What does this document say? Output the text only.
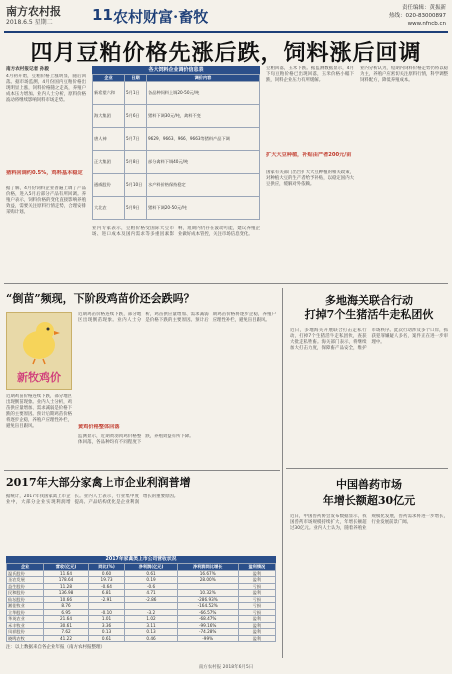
南方农村报
2018.6.5 星期二	11 农村财富·畜牧	责任编辑：黄振新
热线：020-83000897
www.nfncb.cn
四月豆粕价格先涨后跌，饲料涨后回调
南方农村报记者 孙毅
4月初开始，豆粕价格上涨明显，随后回落。据市场监测，4月份国内豆粕价格出现明显上涨，饲料价格随之走高，养殖户成本压力增加。业内人士分析，原料价格波动将继续影响饲料市场走势。
猪料回调约0.5%，鸡料基本稳定
据了解，4月份饲料企业普遍上调了产品价格，进入5月后部分产品有所回调。养殖户表示，饲料价格的变化直接影响养殖效益，需要关注原料行情走势，合理安排采购计划。
各大饲料企业调价信息表
企业	日期	调价内容
新希望六和	5月1日	各品种饲料上调20-50元/吨
海大集团	5月6日	猪料下调30元/吨，禽料不变
唐人神	5月7日	9629、9663、966、9663等猪料产品下调
正大集团	5月8日	部分禽料下调40元/吨
通威股份	5月10日	水产料价格保持稳定
大北农	5月9日	猪料下调20-50元/吨
业内专家表示，豆粕价格受国际大豆市场、进口成本及国内需求等多重因素影响，短期内仍存在波动可能，建议养殖企业做好成本管控，关注市场信息变化。
豆粕回落，玉米下跌。据监测数据显示，4月下旬豆粕价格已出现回落，玉米价格小幅下跌，饲料企业压力有所缓解。
扩大大豆种植，补贴由产者200元/亩
国家有关部门出台扩大大豆种植的相关政策，对种植大豆的生产者给予补贴，以稳定国内大豆供应，缓解对外依赖。
业内分析认为，短期内饲料价格走势仍将以稳为主，养殖户应密切关注原料行情，科学调整饲料配方，降低养殖成本。
“倒苗”频现，下阶段鸡苗价还会跌吗？
新牧鸡价
近期鸡苗价格连续下跌，部分地区出现倒苗现象。业内人士分析，鸡苗供应量增加、需求减弱是价格下跌的主要原因。预计后期鸡苗价格将逐步企稳，养殖户应理性补栏，避免盲目跟风。
近期鸡苗价格连续下跌，部分地区出现倒苗现象。业内人士分析，鸡苗供应量增加、需求减弱是价格下跌的主要原因。预计后期鸡苗价格将逐步企稳，养殖户应理性补栏，避免盲目跟风。
黄鸡价格整体回落
监测显示，近期黄羽肉鸡价格整体回落，各品种均有不同程度下跌，养殖效益有所下降。
多地海关联合行动
打掉7个生猪活牛走私团伙
近日，多地海关开展联合打击走私行动，打掉7个生猪活牛走私团伙，查获大批走私牲畜。海关部门表示，将继续加大打击力度，保障畜产品安全，维护市场秩序。此次行动涉及多个口岸，抓获犯罪嫌疑人多名，案件正在进一步审理中。
2017年大部分家禽上市企业利润普增
据统计，2017年我国家禽上市企业中，大部分企业实现利润增长。业内人士表示，行业集中度提高、产品结构优化是企业利润增长的重要原因。
2017年家禽类上市公司营收状况
企业	营收(亿元)	同比(%)	净利润(亿元)	净利润同比增长	盈利情况
温氏股份	11.64	0.60	0.61	16.67%	盈利
圣农发展	178.64	19.73	0.19	28.00%	盈利
益生股份	11.28	-0.64	-0.6		亏损
民和股份	136.98	6.81	4.71	10.32%	盈利
仙坛股份	10.66	-2.91	-2.86	-286.93%	亏损
湘佳牧业	8.76			-164.52%	亏损
立华股份	6.95	-0.10	-3.2	-66.57%	亏损
华英农业	21.64	1.01	1.02	-68.47%	盈利
禾丰牧业	30.61	3.36	3.11	-99.16%	盈利
凤祥股份	7.62	0.13	0.13	-74.28%	盈利
晓鸣农牧	41.22	0.61	0.46	-99%	盈利
注：以上数据来自各企业年报（南方农村报整理）
中国兽药市场
年增长额超30亿元
近日，中国兽药协会发布数据显示，我国兽药市场规模持续扩大，年增长额超过30亿元。业内人士认为，随着养殖业规模化发展，兽药需求将进一步增长，行业发展前景广阔。
南方农村报 2018年6月5日
